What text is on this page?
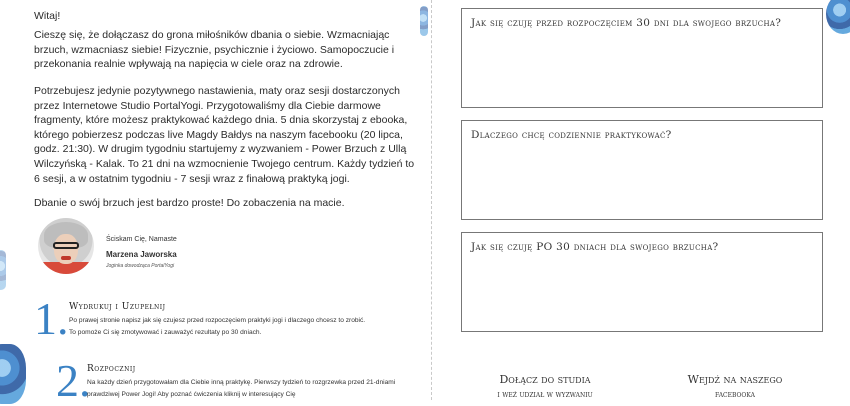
Witaj!

Cieszę się, że dołączasz do grona miłośników dbania o siebie. Wzmacniając brzuch, wzmacniasz siebie! Fizycznie, psychicznie i życiowo. Samopoczucie i przekonania realnie wpływają na napięcia w ciele oraz na zdrowie.

Potrzebujesz jedynie pozytywnego nastawienia, maty oraz sesji dostarczonych przez Internetowe Studio PortalYogi. Przygotowaliśmy dla Ciebie darmowe fragmenty, które możesz praktykować każdego dnia. 5 dnia skorzystaj z ebooka, którego pobierzesz podczas live Magdy Bałdys na naszym facebooku (20 lipca, godz. 21:30). W drugim tygodniu startujemy z wyzwaniem - Power Brzuch z Ullą Wilczyńską - Kalak. To 21 dni na wzmocnienie Twojego centrum. Każdy tydzień to 6 sesji, a w ostatnim tygodniu - 7 sesji wraz z finałową praktyką jogi.

Dbanie o swój brzuch jest bardzo proste! Do zobaczenia na macie.

Ściskam Cię, Namaste
Marzena Jaworska
Joginka dowodząca PortalYogi
1. Wydrukuj i Uzupełnij

Po prawej stronie napisz jak się czujesz przed rozpoczęciem praktyki jogi i dlaczego chcesz to zrobić. To pomoże Ci się zmotywować i zauważyć rezultaty po 30 dniach.

2.
Rozpocznij

Na każdy dzień przygotowałam dla Ciebie inną praktykę. Pierwszy tydzień to rozgrzewka przed 21-dniami prawdziwej Power Jogi! Aby poznać ćwiczenia kliknij w interesujący Cię

Jak się czuję przed rozpoczęciem 30 dni dla swojego brzucha?
Dlaczego chcę codziennie praktykować?
Jak się czuję PO 30 dniach dla swojego brzucha?
Dołącz do studia
i weź udział w wyzwaniu
Wejdź na naszego
facebooka
